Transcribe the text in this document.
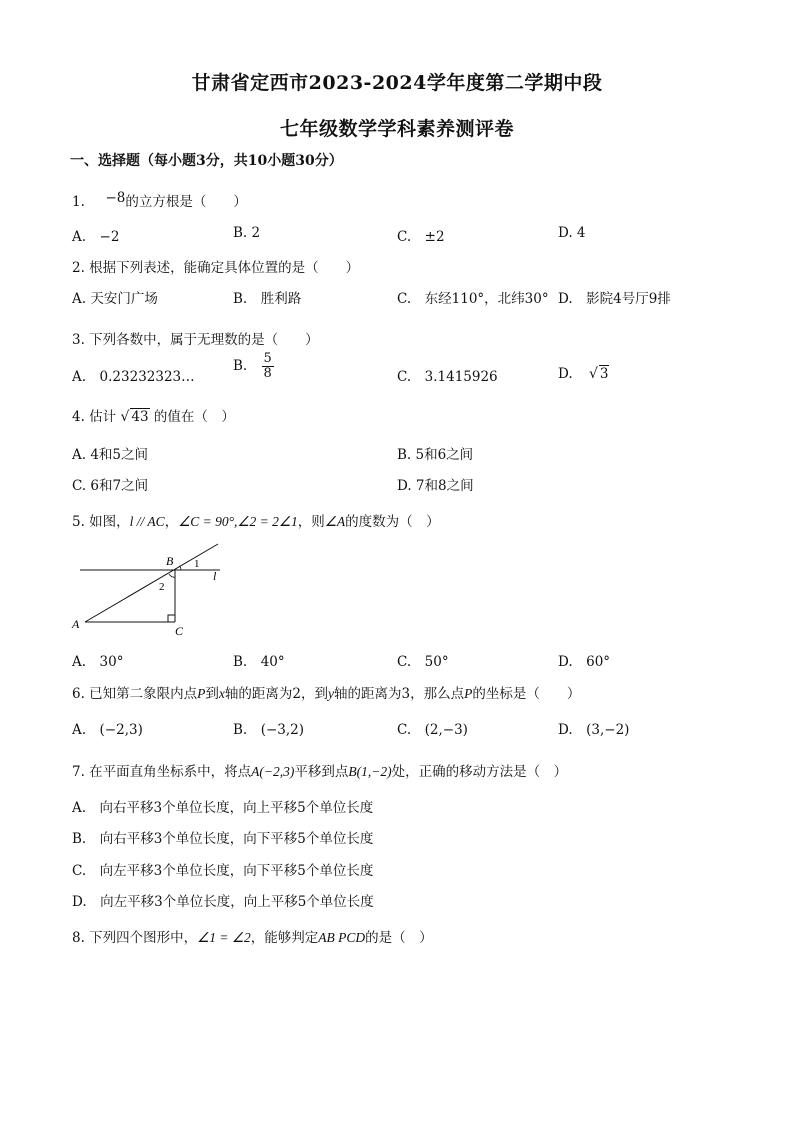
甘肃省定西市2023-2024学年度第二学期中段
七年级数学学科素养测评卷
一、选择题（每小题3分，共10小题30分）
1. −8的立方根是（　　）
A.　−2	B. 2	C.　±2	D. 4
2. 根据下列表述，能确定具体位置的是（　　）
A. 天安门广场	B.　胜利路	C.　东经110°，北纬30° D.　影院4号厅9排
3. 下列各数中，属于无理数的是（　　）
A.　0.23232323…
B. $\frac{5}{8}$	C.　3.1415926	D. √ 3
4. 估计 √ 43 的值在（　）
A. 4和5之间	B. 5和6之间
C. 6和7之间	D. 7和8之间
5. 如图，l // AC，∠C = 90°,∠2 = 2∠1，则∠A的度数为（　）
B 1
2
l
A	C
A.　30°	B.　40°	C.　50°	D.　60°
6. 已知第二象限内点P到x轴的距离为2，到y轴的距离为3，那么点P的坐标是（　　）
A.　(−2,3)	B.　(−3,2)	C.　(2,−3)	D.　(3,−2)
7. 在平面直角坐标系中，将点A(−2,3)平移到点B(1,−2)处，正确的移动方法是（　）
A.　向右平移3个单位长度，向上平移5个单位长度
B.　向右平移3个单位长度，向下平移5个单位长度
C.　向左平移3个单位长度，向下平移5个单位长度
D.　向左平移3个单位长度，向上平移5个单位长度
8. 下列四个图形中，∠1 = ∠2，能够判定AB PCD的是（　）
